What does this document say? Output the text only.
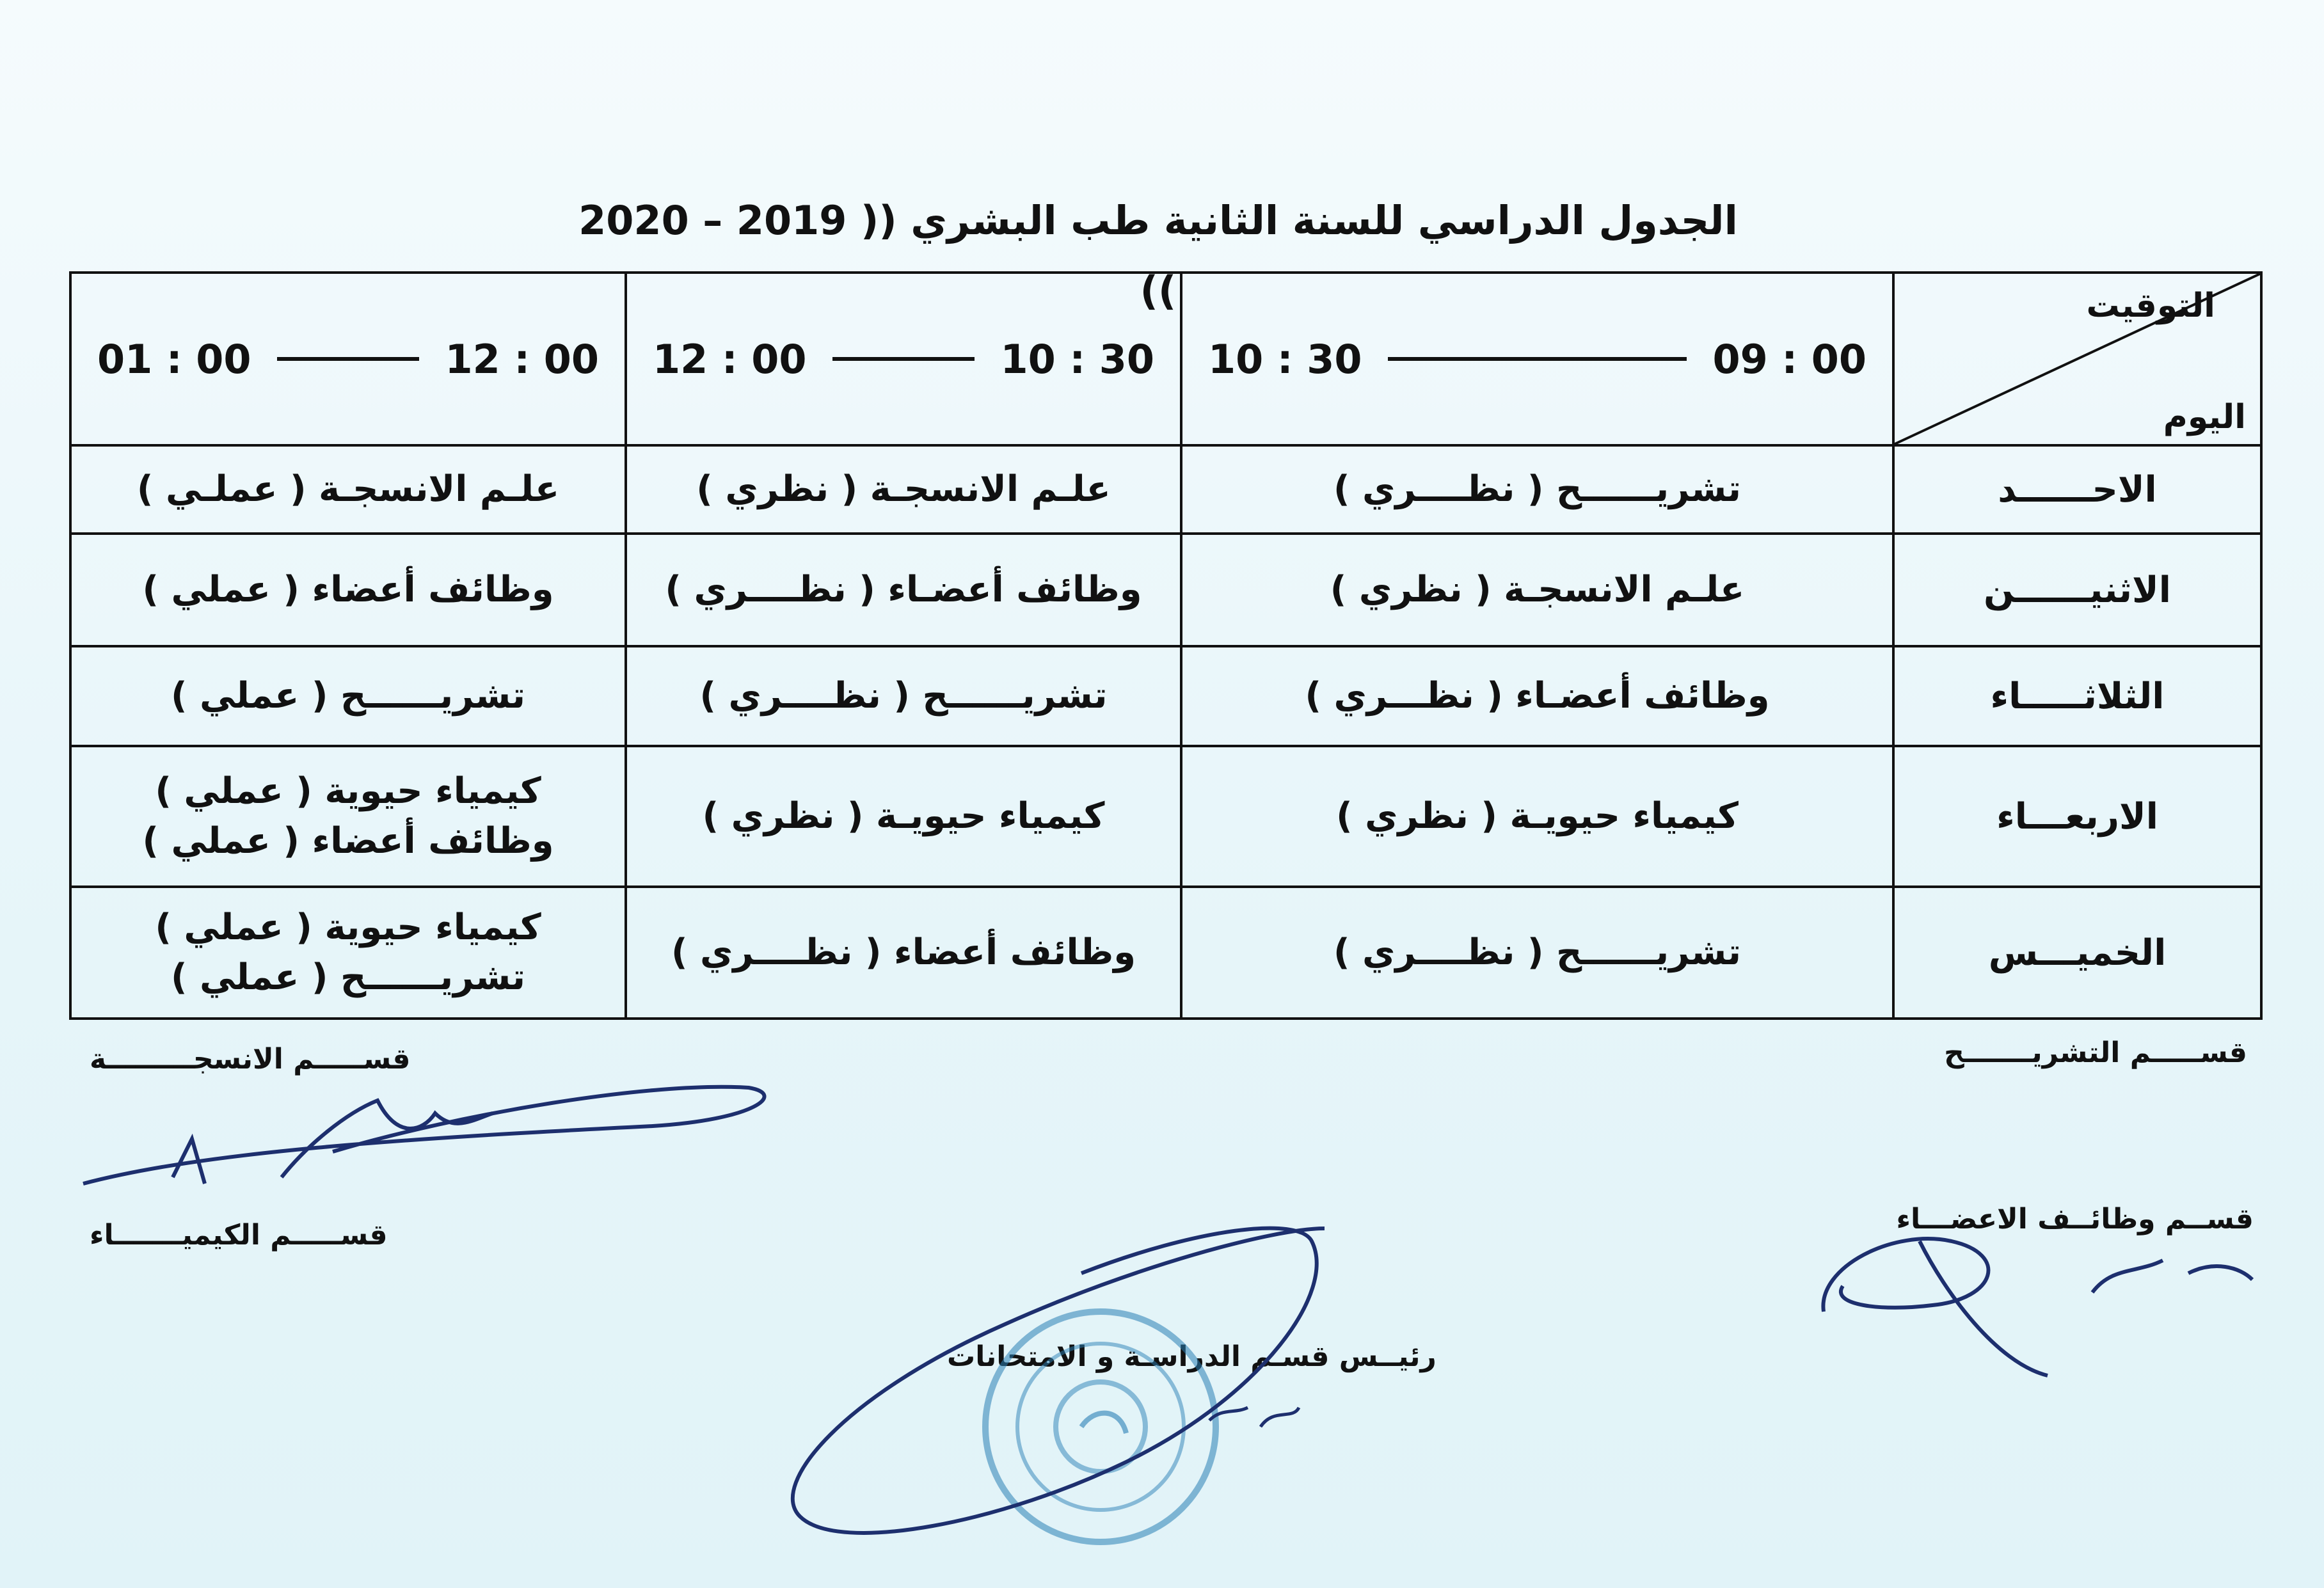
الجدول الدراسي للسنة الثانية طب البشري (( 2019 – 2020 ))	التوقيت
اليوم	10 : 30 09 : 00	12 : 00 10 : 30	01 : 00 12 : 00

الاحــــــد	تشريــــــح ( نظــــري )	علـم الانسجـة ( نظري )	علـم الانسجـة ( عملـي )

الاثنيــــــن	علـم الانسجـة ( نظري )	وظائف أعضـاء ( نظــــري )	وظائف أعضاء ( عملي )

الثلاثـــــاء	وظائف أعضـاء ( نظـــري )	تشريــــــح ( نظــــري )	تشريــــــح ( عملي )

الاربعـــاء	كيمياء حيويـة ( نظري )	كيمياء حيويـة ( نظري )	كيمياء حيوية ( عملي )
وظائف أعضاء ( عملي )

الخميـــس	تشريــــــح ( نظــــري )	وظائف أعضاء ( نظــــري )	كيمياء حيوية ( عملي )
تشريــــــح ( عملي )
قســـــم التشريـــــــح
قســـــم الانسجـــــــــة
قســم وظائــف الاعضـــاء
قســـــم الكيميـــــــاء
رئيــس قسـم الدراسـة و الامتحانات
